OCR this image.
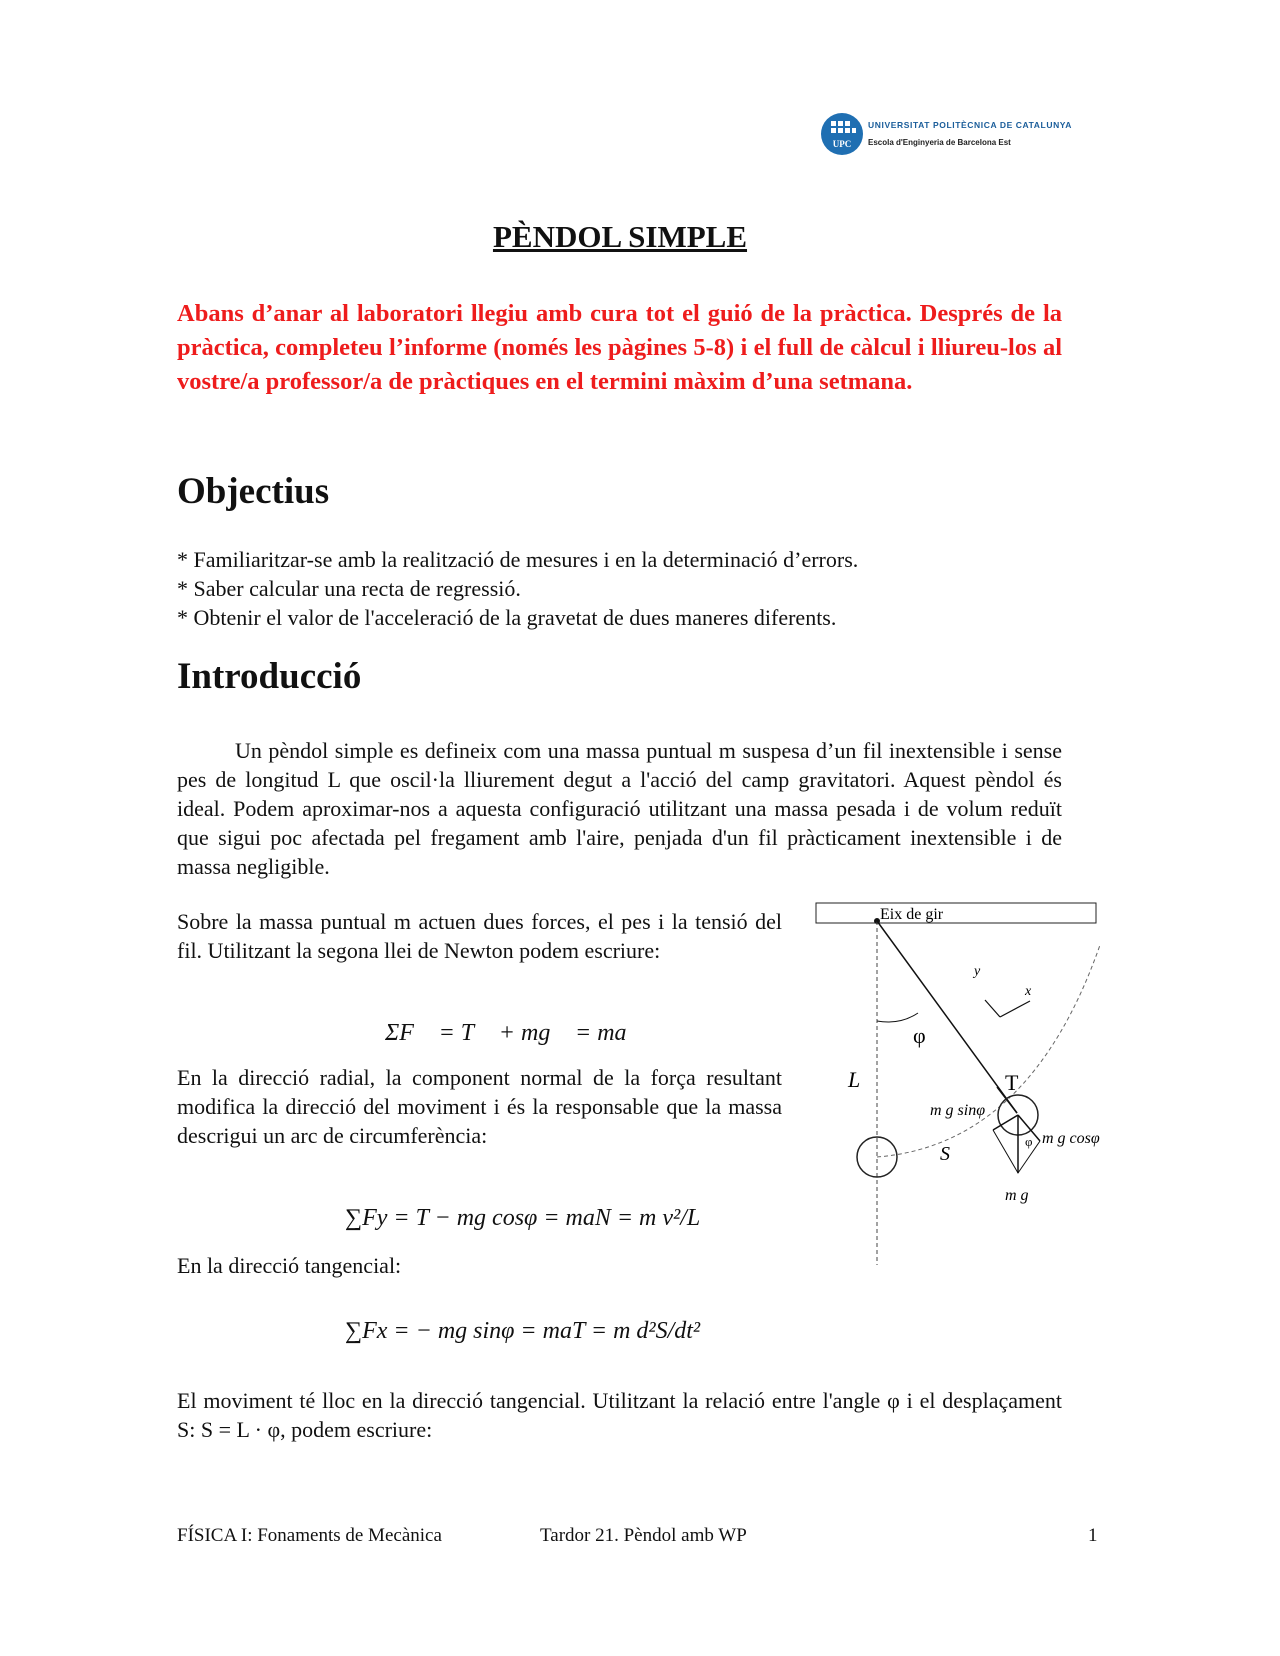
UPC
UNIVERSITAT POLITÈCNICA DE CATALUNYA
Escola d'Enginyeria de Barcelona Est
PÈNDOL SIMPLE
Abans d’anar al laboratori llegiu amb cura tot el guió de la pràctica. Després de la pràctica, completeu l’informe (només les pàgines 5-8) i el full de càlcul i lliureu-los al vostre/a professor/a de pràctiques en el termini màxim d’una setmana.
Objectius
* Familiaritzar-se amb la realització de mesures i en la determinació d’errors.
* Saber calcular una recta de regressió.
* Obtenir el valor de l'acceleració de la gravetat de dues maneres diferents.
Introducció
Un pèndol simple es defineix com una massa puntual m suspesa d’un fil inextensible i sense pes de longitud L que oscil·la lliurement degut a l'acció del camp gravitatori. Aquest pèndol és ideal. Podem aproximar-nos a aquesta configuració utilitzant una massa pesada i de volum reduït que sigui poc afectada pel fregament amb l'aire, penjada d'un fil pràcticament inextensible i de massa negligible.
Sobre la massa puntual m actuen dues forces, el pes i la tensió del fil. Utilitzant la segona llei de Newton podem escriure:
ΣF⃗ = T⃗ + mg⃗ = ma⃗
En la direcció radial, la component normal de la força resultant modifica la direcció del moviment i és la responsable que la massa descrigui un arc de circumferència:
∑Fy = T − mg cosφ = maN = m v²/L
En la direcció tangencial:
∑Fx = − mg sinφ = maT = m d²S/dt²
El moviment té lloc en la direcció tangencial. Utilitzant la relació entre l'angle φ i el desplaçament S: S = L · φ, podem escriure:
Eix de gir
φ
L	T
m g sinφ
m g cosφ
φ
m g
S
y
x
FÍSICA I: Fonaments de Mecànica	Tardor 21. Pèndol amb WP	1
